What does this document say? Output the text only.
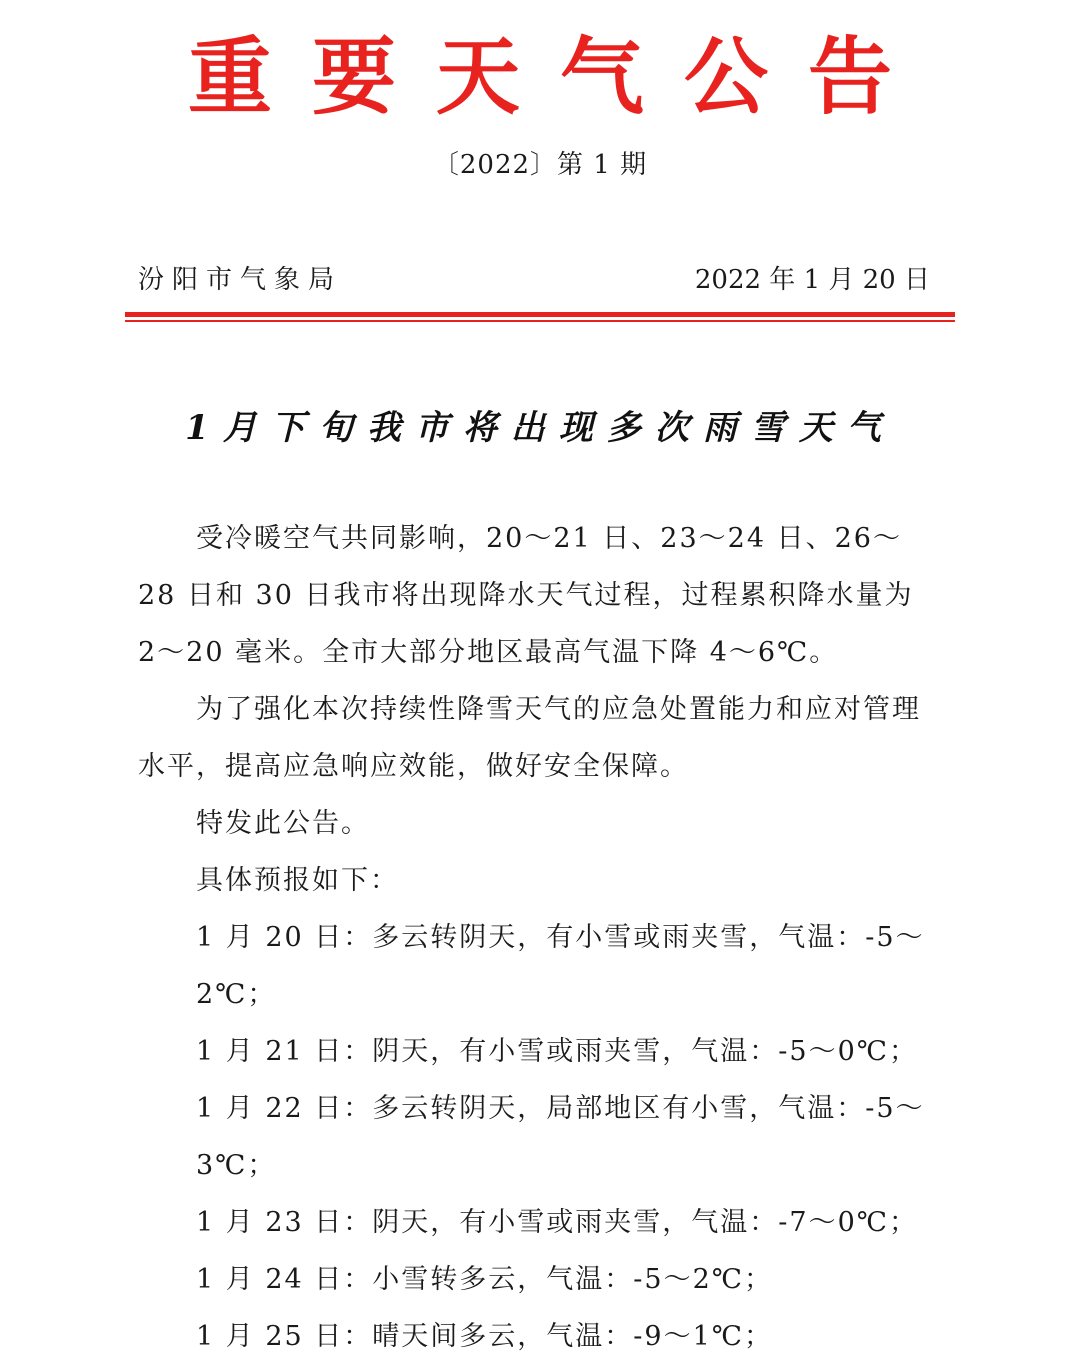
重要天气公告
〔2022〕第 1 期
汾阳市气象局	2022 年 1 月 20 日
1月下旬我市将出现多次雨雪天气

受冷暖空气共同影响，20～21 日、23～24 日、26～28 日和 30 日我市将出现降水天气过程，过程累积降水量为 2～20 毫米。全市大部分地区最高气温下降 4～6℃。

为了强化本次持续性降雪天气的应急处置能力和应对管理水平，提高应急响应效能，做好安全保障。

特发此公告。

具体预报如下：

1 月 20 日：多云转阴天，有小雪或雨夹雪，气温：-5～2℃；

1 月 21 日：阴天，有小雪或雨夹雪，气温：-5～0℃；

1 月 22 日：多云转阴天，局部地区有小雪，气温：-5～3℃；

1 月 23 日：阴天，有小雪或雨夹雪，气温：-7～0℃；

1 月 24 日：小雪转多云，气温：-5～2℃；

1 月 25 日：晴天间多云，气温：-9～1℃；
